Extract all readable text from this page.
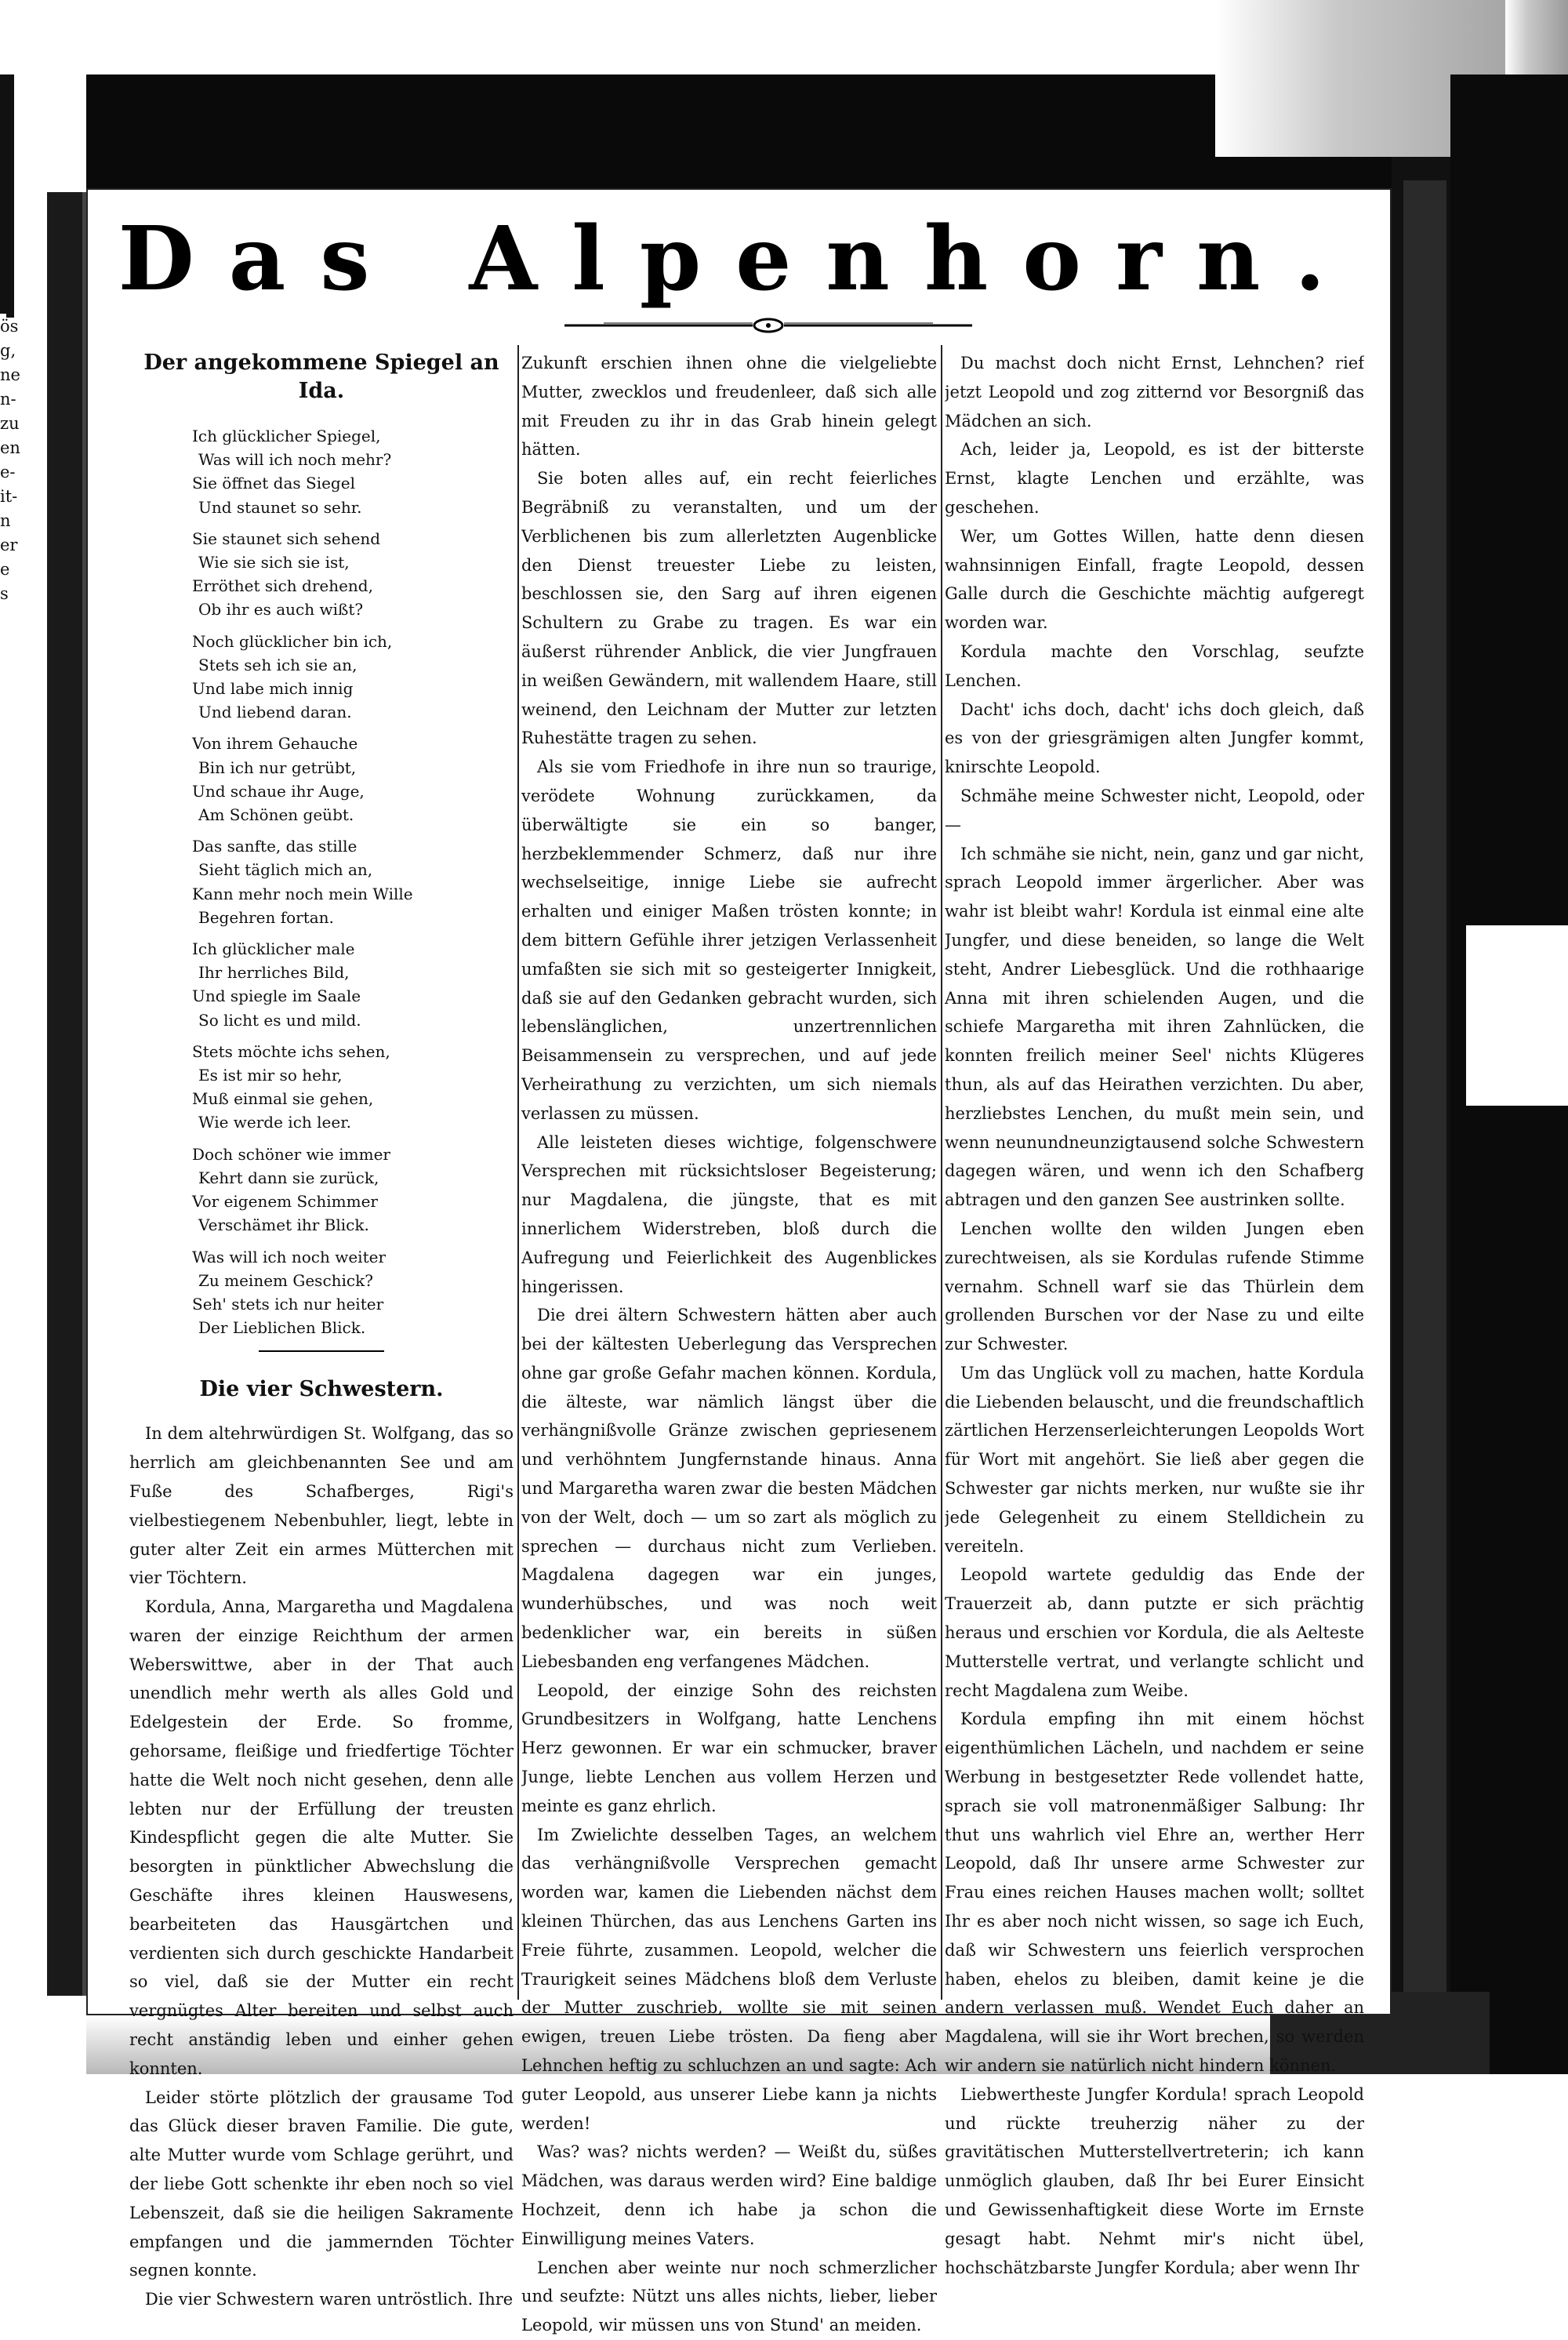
ls
ös
g,
ne
n-
zu
en
e-
it-
n
er
e
s
Das Alpenhorn.
Der angekommene Spiegel an Ida.
Ich glücklicher Spiegel,
Was will ich noch mehr?
Sie öffnet das Siegel
Und staunet so sehr.
Sie staunet sich sehend
Wie sie sich sie ist,
Erröthet sich drehend,
Ob ihr es auch wißt?
Noch glücklicher bin ich,
Stets seh ich sie an,
Und labe mich innig
Und liebend daran.
Von ihrem Gehauche
Bin ich nur getrübt,
Und schaue ihr Auge,
Am Schönen geübt.
Das sanfte, das stille
Sieht täglich mich an,
Kann mehr noch mein Wille
Begehren fortan.
Ich glücklicher male
Ihr herrliches Bild,
Und spiegle im Saale
So licht es und mild.
Stets möchte ichs sehen,
Es ist mir so hehr,
Muß einmal sie gehen,
Wie werde ich leer.
Doch schöner wie immer
Kehrt dann sie zurück,
Vor eigenem Schimmer
Verschämet ihr Blick.
Was will ich noch weiter
Zu meinem Geschick?
Seh' stets ich nur heiter
Der Lieblichen Blick.
Die vier Schwestern.

In dem altehrwürdigen St. Wolfgang, das so herrlich am gleichbenannten See und am Fuße des Schafberges, Rigi's vielbestiegenem Nebenbuhler, liegt, lebte in guter alter Zeit ein armes Mütterchen mit vier Töchtern.

Kordula, Anna, Margaretha und Magdalena waren der einzige Reichthum der armen Weberswittwe, aber in der That auch unendlich mehr werth als alles Gold und Edelgestein der Erde. So fromme, gehorsame, fleißige und friedfertige Töchter hatte die Welt noch nicht gesehen, denn alle lebten nur der Erfüllung der treusten Kindespflicht gegen die alte Mutter. Sie besorgten in pünktlicher Abwechslung die Geschäfte ihres kleinen Hauswesens, bearbeiteten das Hausgärtchen und verdienten sich durch geschickte Handarbeit so viel, daß sie der Mutter ein recht vergnügtes Alter bereiten und selbst auch recht anständig leben und einher gehen konnten.

Leider störte plötzlich der grausame Tod das Glück dieser braven Familie. Die gute, alte Mutter wurde vom Schlage gerührt, und der liebe Gott schenkte ihr eben noch so viel Lebenszeit, daß sie die heiligen Sakramente empfangen und die jammernden Töchter segnen konnte.

Die vier Schwestern waren untröstlich. Ihre

Zukunft erschien ihnen ohne die vielgeliebte Mutter, zwecklos und freudenleer, daß sich alle mit Freuden zu ihr in das Grab hinein gelegt hätten.

Sie boten alles auf, ein recht feierliches Begräbniß zu veranstalten, und um der Verblichenen bis zum allerletzten Augenblicke den Dienst treuester Liebe zu leisten, beschlossen sie, den Sarg auf ihren eigenen Schultern zu Grabe zu tragen. Es war ein äußerst rührender Anblick, die vier Jungfrauen in weißen Gewändern, mit wallendem Haare, still weinend, den Leichnam der Mutter zur letzten Ruhestätte tragen zu sehen.

Als sie vom Friedhofe in ihre nun so traurige, verödete Wohnung zurückkamen, da überwältigte sie ein so banger, herzbeklemmender Schmerz, daß nur ihre wechselseitige, innige Liebe sie aufrecht erhalten und einiger Maßen trösten konnte; in dem bittern Gefühle ihrer jetzigen Verlassenheit umfaßten sie sich mit so gesteigerter Innigkeit, daß sie auf den Gedanken gebracht wurden, sich lebenslänglichen, unzertrennlichen Beisammensein zu versprechen, und auf jede Verheirathung zu verzichten, um sich niemals verlassen zu müssen.

Alle leisteten dieses wichtige, folgenschwere Versprechen mit rücksichtsloser Begeisterung; nur Magdalena, die jüngste, that es mit innerlichem Widerstreben, bloß durch die Aufregung und Feierlichkeit des Augenblickes hingerissen.

Die drei ältern Schwestern hätten aber auch bei der kältesten Ueberlegung das Versprechen ohne gar große Gefahr machen können. Kordula, die älteste, war nämlich längst über die verhängnißvolle Gränze zwischen gepriesenem und verhöhntem Jungfernstande hinaus. Anna und Margaretha waren zwar die besten Mädchen von der Welt, doch — um so zart als möglich zu sprechen — durchaus nicht zum Verlieben. Magdalena dagegen war ein junges, wunderhübsches, und was noch weit bedenklicher war, ein bereits in süßen Liebesbanden eng verfangenes Mädchen.

Leopold, der einzige Sohn des reichsten Grundbesitzers in Wolfgang, hatte Lenchens Herz gewonnen. Er war ein schmucker, braver Junge, liebte Lenchen aus vollem Herzen und meinte es ganz ehrlich.

Im Zwielichte desselben Tages, an welchem das verhängnißvolle Versprechen gemacht worden war, kamen die Liebenden nächst dem kleinen Thürchen, das aus Lenchens Garten ins Freie führte, zusammen. Leopold, welcher die Traurigkeit seines Mädchens bloß dem Verluste der Mutter zuschrieb, wollte sie mit seinen ewigen, treuen Liebe trösten. Da fieng aber Lehnchen heftig zu schluchzen an und sagte: Ach guter Leopold, aus unserer Liebe kann ja nichts werden!

Was? was? nichts werden? — Weißt du, süßes Mädchen, was daraus werden wird? Eine baldige Hochzeit, denn ich habe ja schon die Einwilligung meines Vaters.

Lenchen aber weinte nur noch schmerzlicher und seufzte: Nützt uns alles nichts, lieber, lieber Leopold, wir müssen uns von Stund' an meiden.

Du machst doch nicht Ernst, Lehnchen? rief jetzt Leopold und zog zitternd vor Besorgniß das Mädchen an sich.

Ach, leider ja, Leopold, es ist der bitterste Ernst, klagte Lenchen und erzählte, was geschehen.

Wer, um Gottes Willen, hatte denn diesen wahnsinnigen Einfall, fragte Leopold, dessen Galle durch die Geschichte mächtig aufgeregt worden war.

Kordula machte den Vorschlag, seufzte Lenchen.

Dacht' ichs doch, dacht' ichs doch gleich, daß es von der griesgrämigen alten Jungfer kommt, knirschte Leopold.

Schmähe meine Schwester nicht, Leopold, oder —

Ich schmähe sie nicht, nein, ganz und gar nicht, sprach Leopold immer ärgerlicher. Aber was wahr ist bleibt wahr! Kordula ist einmal eine alte Jungfer, und diese beneiden, so lange die Welt steht, Andrer Liebesglück. Und die rothhaarige Anna mit ihren schielenden Augen, und die schiefe Margaretha mit ihren Zahnlücken, die konnten freilich meiner Seel' nichts Klügeres thun, als auf das Heirathen verzichten. Du aber, herzliebstes Lenchen, du mußt mein sein, und wenn neunundneunzigtausend solche Schwestern dagegen wären, und wenn ich den Schafberg abtragen und den ganzen See austrinken sollte.

Lenchen wollte den wilden Jungen eben zurechtweisen, als sie Kordulas rufende Stimme vernahm. Schnell warf sie das Thürlein dem grollenden Burschen vor der Nase zu und eilte zur Schwester.

Um das Unglück voll zu machen, hatte Kordula die Liebenden belauscht, und die freundschaftlich zärtlichen Herzenserleichterungen Leopolds Wort für Wort mit angehört. Sie ließ aber gegen die Schwester gar nichts merken, nur wußte sie ihr jede Gelegenheit zu einem Stelldichein zu vereiteln.

Leopold wartete geduldig das Ende der Trauerzeit ab, dann putzte er sich prächtig heraus und erschien vor Kordula, die als Aelteste Mutterstelle vertrat, und verlangte schlicht und recht Magdalena zum Weibe.

Kordula empfing ihn mit einem höchst eigenthümlichen Lächeln, und nachdem er seine Werbung in bestgesetzter Rede vollendet hatte, sprach sie voll matronenmäßiger Salbung: Ihr thut uns wahrlich viel Ehre an, werther Herr Leopold, daß Ihr unsere arme Schwester zur Frau eines reichen Hauses machen wollt; solltet Ihr es aber noch nicht wissen, so sage ich Euch, daß wir Schwestern uns feierlich versprochen haben, ehelos zu bleiben, damit keine je die andern verlassen muß. Wendet Euch daher an Magdalena, will sie ihr Wort brechen, so werden wir andern sie natürlich nicht hindern können.

Liebwertheste Jungfer Kordula! sprach Leopold und rückte treuherzig näher zu der gravitätischen Mutterstellvertreterin; ich kann unmöglich glauben, daß Ihr bei Eurer Einsicht und Gewissenhaftigkeit diese Worte im Ernste gesagt habt. Nehmt mir's nicht übel, hochschätzbarste Jungfer Kordula; aber wenn Ihr
